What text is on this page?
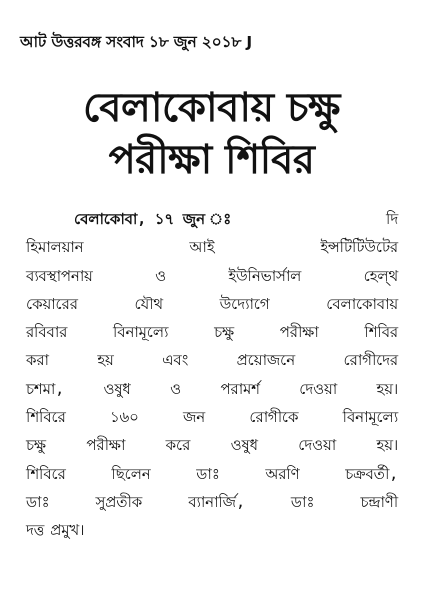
আট উত্তরবঙ্গ সংবাদ ১৮ জুন ২০১৮ J
বেলাকোবায় চক্ষু
পরীক্ষা শিবির
বেলাকোবা, ১৭ জুন ঃ	দি
হিমালয়ান	আই	ইন্সটিটিউটের
ব্যবস্থাপনায়	ও	ইউনিভার্সাল	হেল্থ
কেয়ারের	যৌথ	উদ্যোগে	বেলাকোবায়
রবিবার	বিনামূল্যে	চক্ষু	পরীক্ষা	শিবির
করা	হয়	এবং	প্রয়োজনে	রোগীদের
চশমা,	ওষুধ	ও	পরামর্শ	দেওয়া	হয়।
শিবিরে	১৬০	জন	রোগীকে	বিনামূল্যে
চক্ষু	পরীক্ষা	করে	ওষুধ	দেওয়া	হয়।
শিবিরে	ছিলেন	ডাঃ	অরণি	চক্রবর্তী,
ডাঃ	সুপ্রতীক	ব্যানার্জি,	ডাঃ	চন্দ্রাণী
দত্ত প্রমুখ।
